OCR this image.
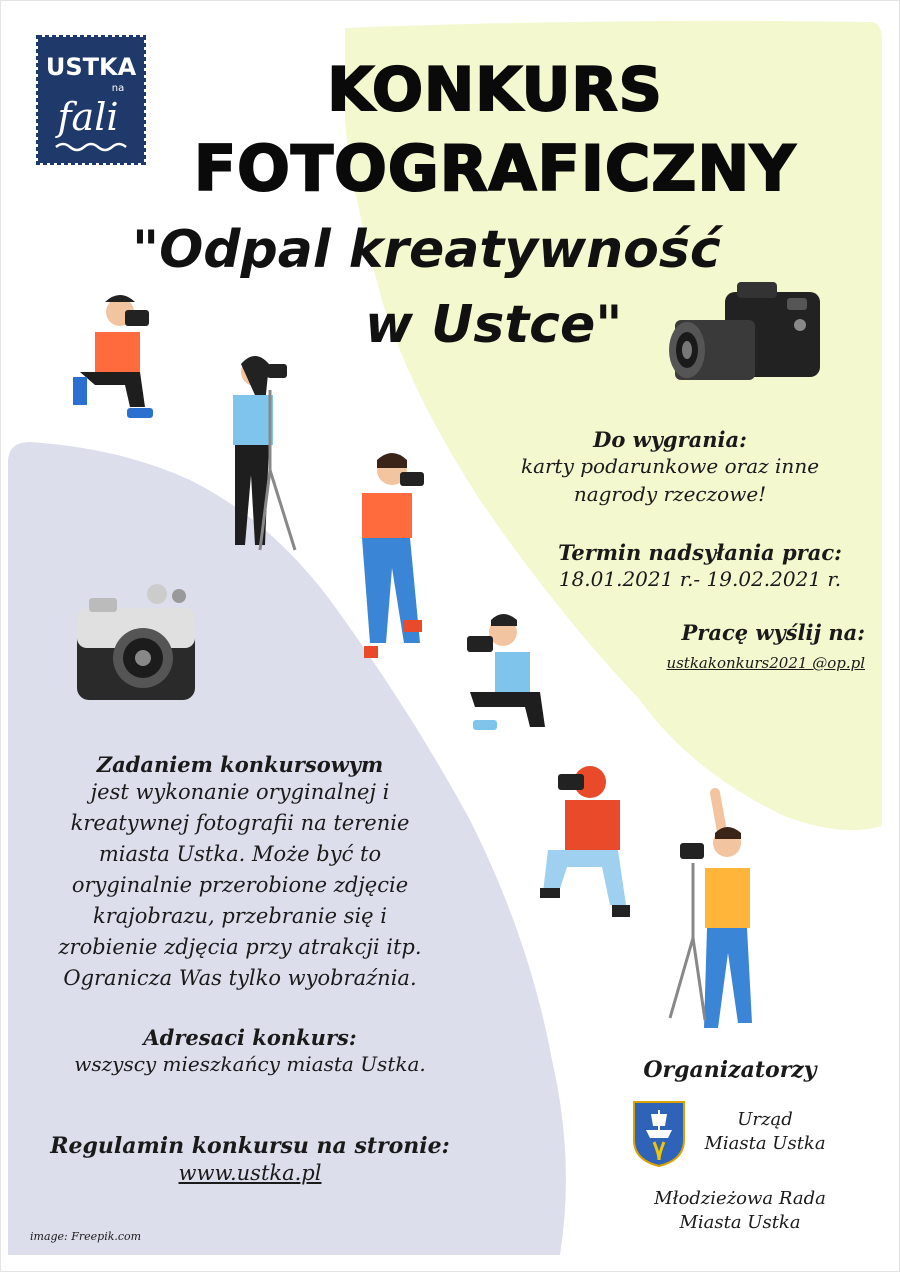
USTKA
na
fali	KONKURS
FOTOGRAFICZNY

"Odpal kreatywność

w Ustce"

Do wygrania:
karty podarunkowe oraz inne
nagrody rzeczowe!
Termin nadsyłania prac:
18.01.2021 r.- 19.02.2021 r.
Pracę wyślij na:
ustkakonkurs2021 @op.pl
Zadaniem konkursowym
jest wykonanie oryginalnej i
kreatywnej fotografii na terenie
miasta Ustka. Może być to
oryginalnie przerobione zdjęcie
krajobrazu, przebranie się i
zrobienie zdjęcia przy atrakcji itp.
Ogranicza Was tylko wyobraźnia.
Adresaci konkurs:
wszyscy mieszkańcy miasta Ustka.
Regulamin konkursu na stronie:
www.ustka.pl
Organizatorzy
Urząd
Miasta Ustka
Młodzieżowa Rada
Miasta Ustka
image: Freepik.com
